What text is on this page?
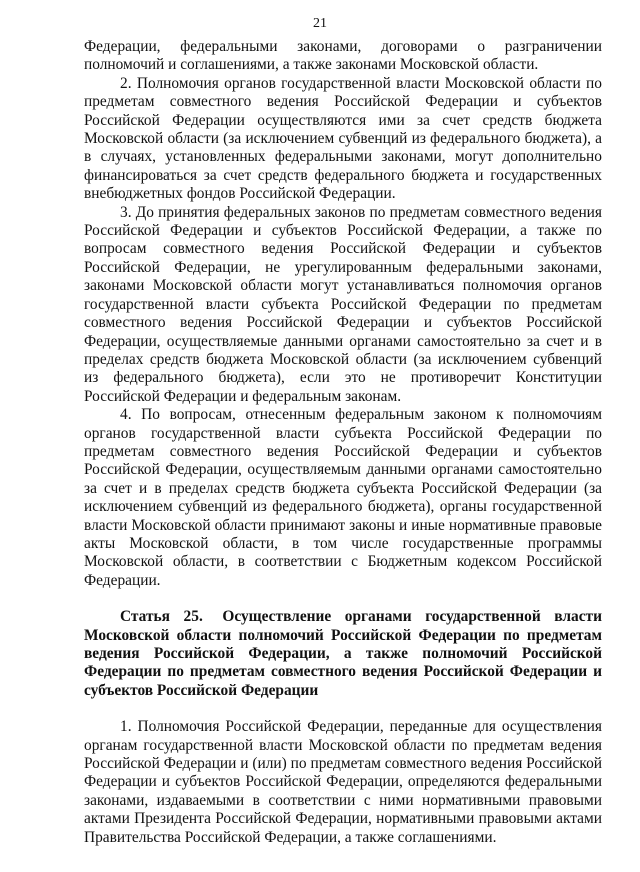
21

Федерации, федеральными законами, договорами о разграничении полномочий и соглашениями, а также законами Московской области.

2. Полномочия органов государственной власти Московской области по предметам совместного ведения Российской Федерации и субъектов Российской Федерации осуществляются ими за счет средств бюджета Московской области (за исключением субвенций из федерального бюджета), а в случаях, установленных федеральными законами, могут дополнительно финансироваться за счет средств федерального бюджета и государственных внебюджетных фондов Российской Федерации.

3. До принятия федеральных законов по предметам совместного ведения Российской Федерации и субъектов Российской Федерации, а также по вопросам совместного ведения Российской Федерации и субъектов Российской Федерации, не урегулированным федеральными законами, законами Московской области могут устанавливаться полномочия органов государственной власти субъекта Российской Федерации по предметам совместного ведения Российской Федерации и субъектов Российской Федерации, осуществляемые данными органами самостоятельно за счет и в пределах средств бюджета Московской области (за исключением субвенций из федерального бюджета), если это не противоречит Конституции Российской Федерации и федеральным законам.

4. По вопросам, отнесенным федеральным законом к полномочиям органов государственной власти субъекта Российской Федерации по предметам совместного ведения Российской Федерации и субъектов Российской Федерации, осуществляемым данными органами самостоятельно за счет и в пределах средств бюджета субъекта Российской Федерации (за исключением субвенций из федерального бюджета), органы государственной власти Московской области принимают законы и иные нормативные правовые акты Московской области, в том числе государственные программы Московской области, в соответствии с Бюджетным кодексом Российской Федерации.

Статья 25. Осуществление органами государственной власти Московской области полномочий Российской Федерации по предметам ведения Российской Федерации, а также полномочий Российской Федерации по предметам совместного ведения Российской Федерации и субъектов Российской Федерации

1. Полномочия Российской Федерации, переданные для осуществления органам государственной власти Московской области по предметам ведения Российской Федерации и (или) по предметам совместного ведения Российской Федерации и субъектов Российской Федерации, определяются федеральными законами, издаваемыми в соответствии с ними нормативными правовыми актами Президента Российской Федерации, нормативными правовыми актами Правительства Российской Федерации, а также соглашениями.
